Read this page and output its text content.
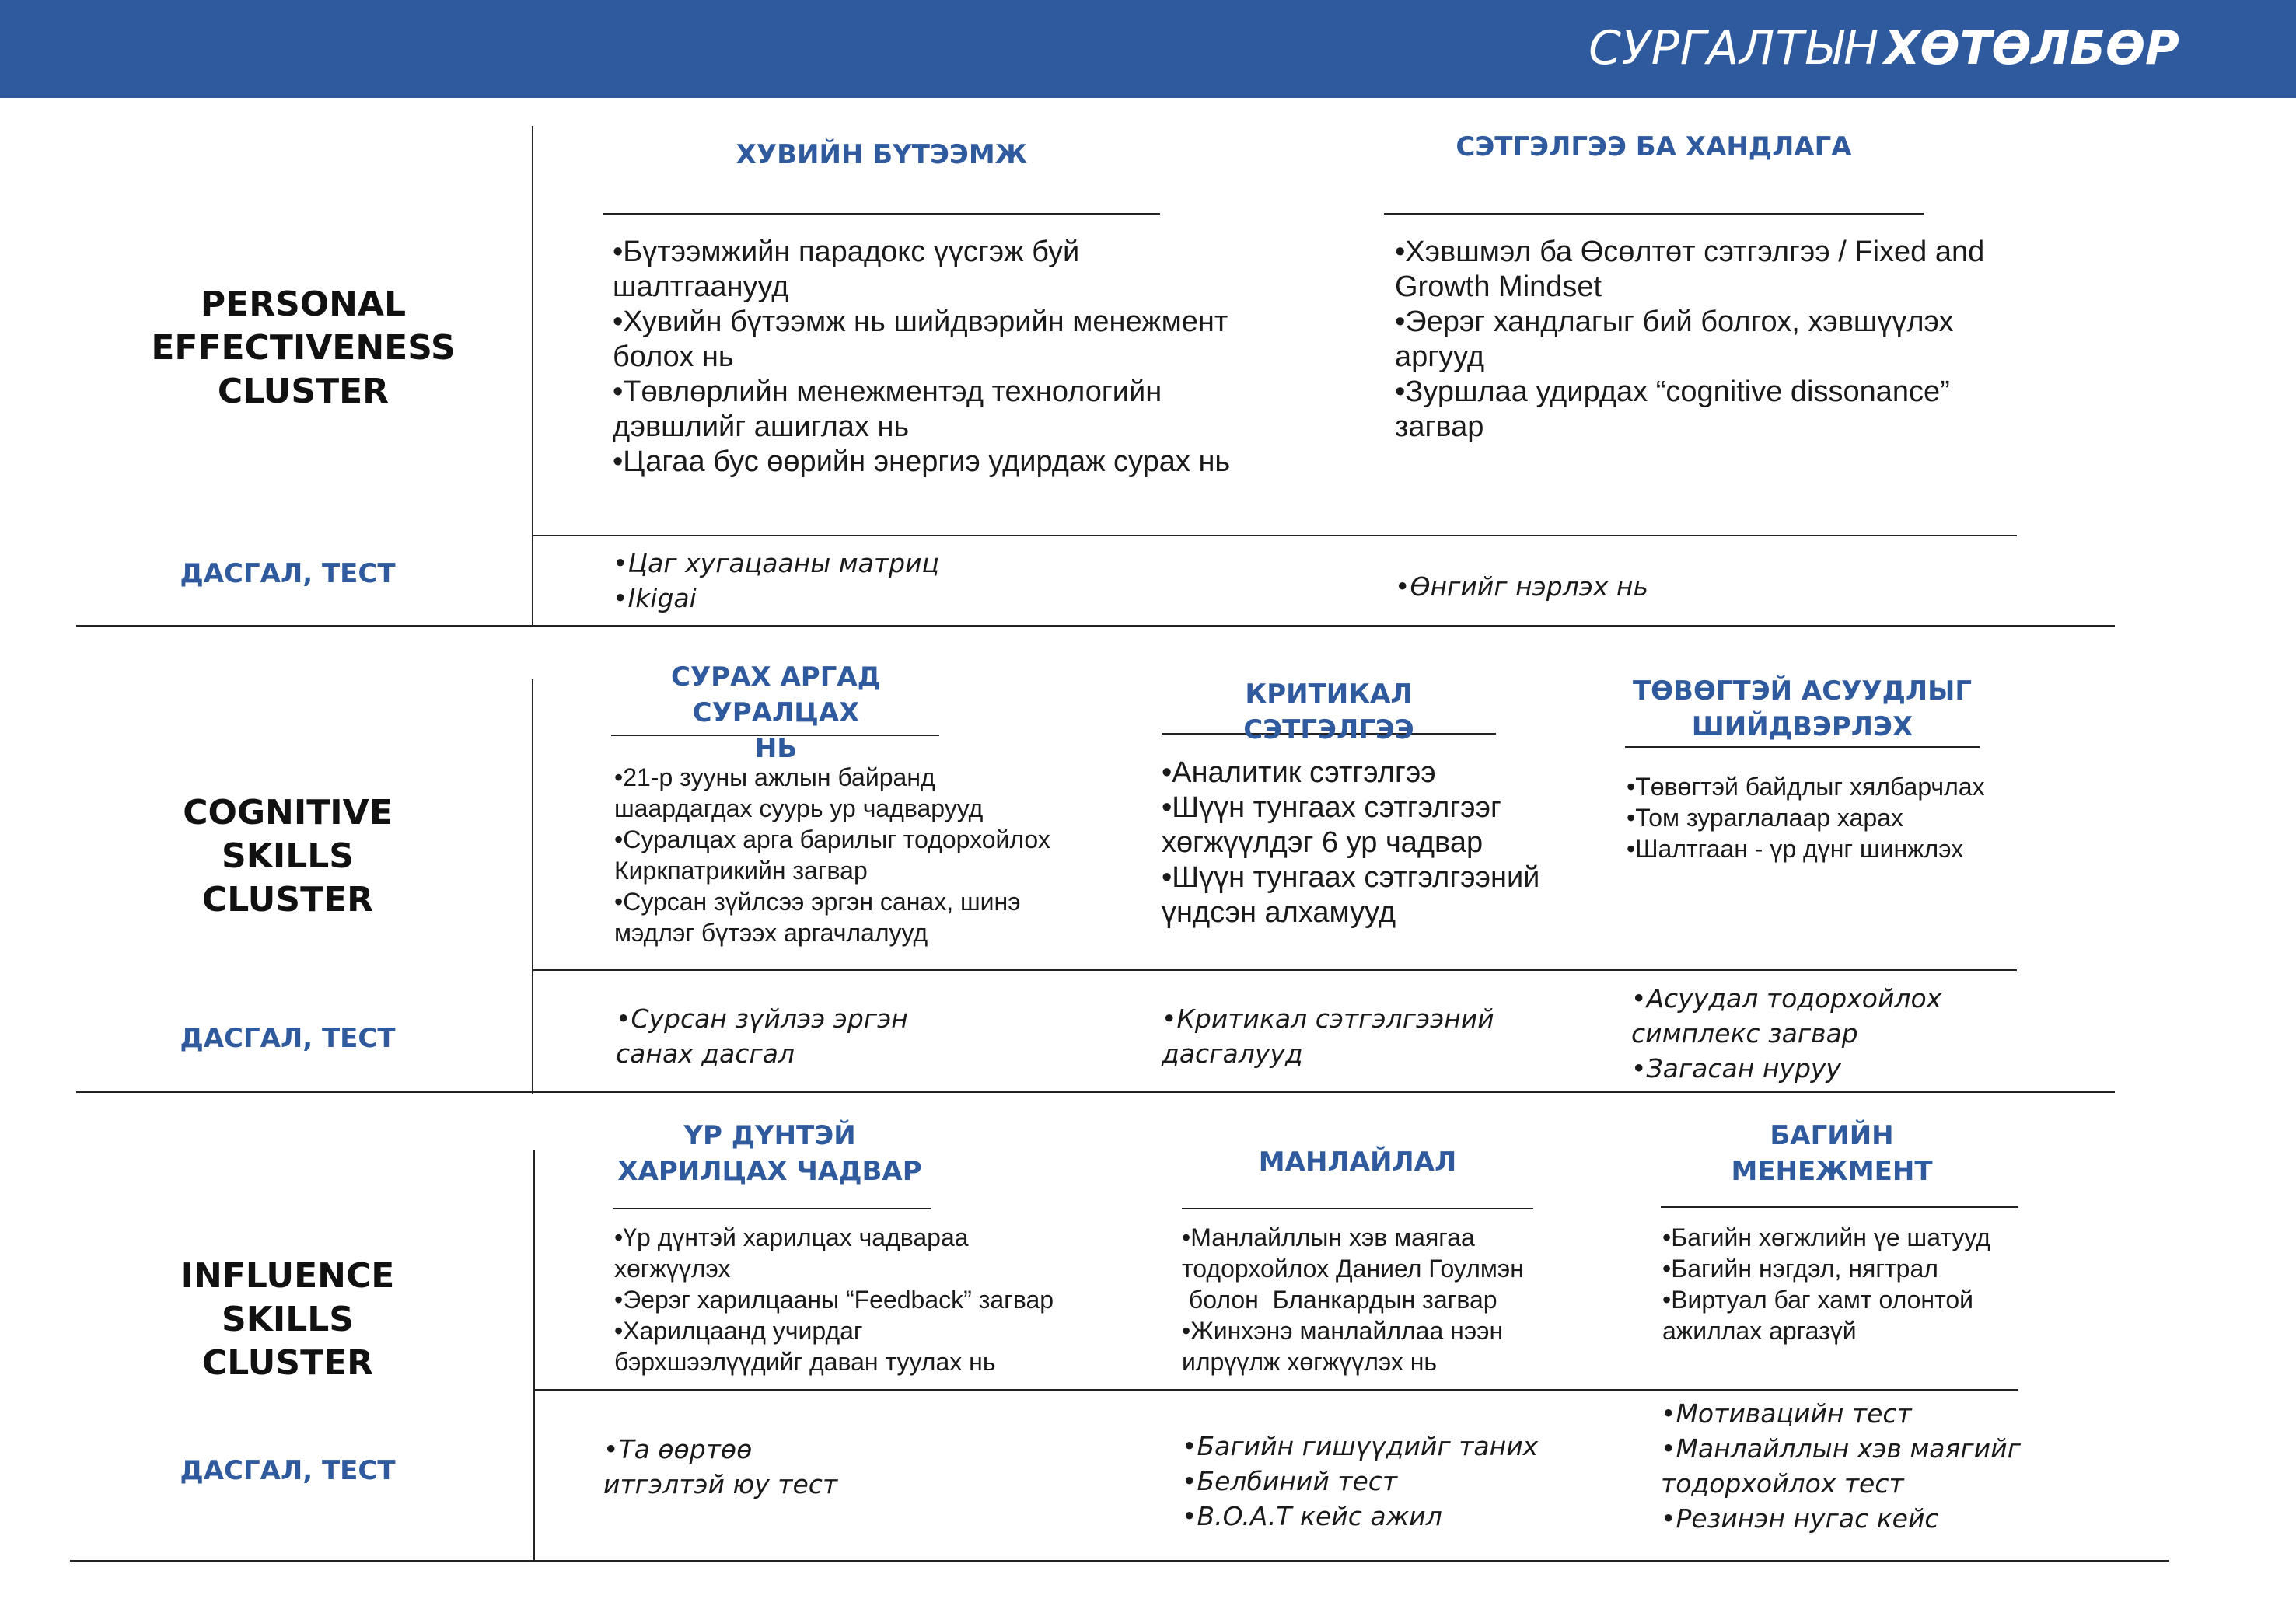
СУРГАЛТЫН ХӨТӨЛБӨР
PERSONAL
EFFECTIVENESS
CLUSTER
ДАСГАЛ, ТЕСТ
ХУВИЙН БҮТЭЭМЖ
•Бүтээмжийн парадокс үүсгэж буй
шалтгаанууд
•Хувийн бүтээмж нь шийдвэрийн менежмент
болох нь
•Төвлөрлийн менежментэд технологийн
дэвшлийг ашиглах нь
•Цагаа бус өөрийн энергиэ удирдаж сурах нь
•Цаг хугацааны матриц
•Ikigai
СЭТГЭЛГЭЭ БА ХАНДЛАГА
•Хэвшмэл ба Өсөлтөт сэтгэлгээ / Fixed and
Growth Mindset
•Эерэг хандлагыг бий болгох, хэвшүүлэх
аргууд
•Зуршлаа удирдах “cognitive dissonance”
загвар
•Өнгийг нэрлэх нь
COGNITIVE
SKILLS
CLUSTER
ДАСГАЛ, ТЕСТ
СУРАХ АРГАД СУРАЛЦАХ
НЬ
•21-р зууны ажлын байранд
шаардагдах суурь ур чадварууд
•Суралцах арга барилыг тодорхойлох
Киркпатрикийн загвар
•Сурсан зүйлсээ эргэн санах, шинэ
мэдлэг бүтээх аргачлалууд
•Сурсан зүйлээ эргэн
санах дасгал
КРИТИКАЛ СЭТГЭЛГЭЭ
•Аналитик сэтгэлгээ
•Шүүн тунгаах сэтгэлгээг
хөгжүүлдэг 6 ур чадвар
•Шүүн тунгаах сэтгэлгээний
үндсэн алхамууд
•Критикал сэтгэлгээний
дасгалууд
ТӨВӨГТЭЙ АСУУДЛЫГ
ШИЙДВЭРЛЭХ
•Төвөгтэй байдлыг хялбарчлах
•Том зураглалаар харах
•Шалтгаан - үр дүнг шинжлэх
•Асуудал тодорхойлох
симплекс загвар
•Загасан нуруу
INFLUENCE
SKILLS
CLUSTER
ДАСГАЛ, ТЕСТ
ҮР ДҮНТЭЙ
ХАРИЛЦАХ ЧАДВАР
•Үр дүнтэй харилцах чадвараа
хөгжүүлэх
•Эерэг харилцааны “Feedback” загвар
•Харилцаанд учирдаг
бэрхшээлүүдийг даван туулах нь
•Та өөртөө
итгэлтэй юу тест
МАНЛАЙЛАЛ
•Манлайллын хэв маягаа
тодорхойлох Даниел Гоулмэн
болон  Бланкардын загвар
•Жинхэнэ манлайллаа нээн
илрүүлж хөгжүүлэх нь
•Багийн гишүүдийг таних
•Белбиний тест
•B.O.A.T кейс ажил
БАГИЙН
МЕНЕЖМЕНТ
•Багийн хөгжлийн үе шатууд
•Багийн нэгдэл, нягтрал
•Виртуал баг хамт олонтой
ажиллах аргазүй
•Мотивацийн тест
•Манлайллын хэв маягийг
тодорхойлох тест
•Резинэн нугас кейс
